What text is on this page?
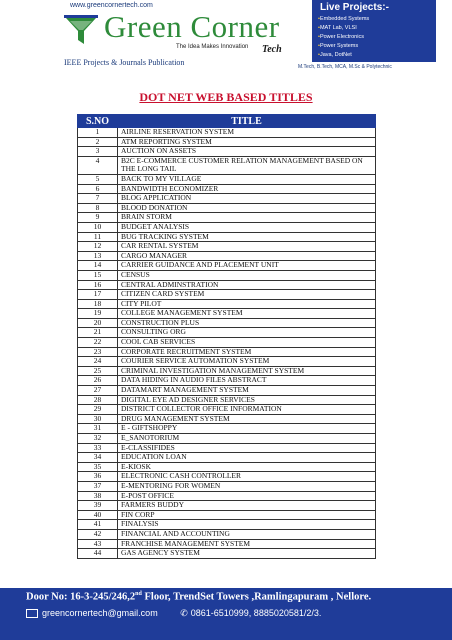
www.greencornertech.com
Green Corner
The Idea Makes Innovation Tech
IEEE Projects & Journals Publication
Live Projects:-
• Embedded Systems
• MAT Lab, VLSI
• Power Electronics
• Power Systems
• Java, DotNet
M.Tech, B.Tech, MCA, M.Sc & Polytechnic
DOT NET WEB BASED TITLES
S.NO	TITLE
1	AIRLINE RESERVATION SYSTEM
2	ATM REPORTING SYSTEM
3	AUCTION ON ASSETS
4	B2C E-COMMERCE CUSTOMER RELATION MANAGEMENT BASED ON THE LONG TAIL
5	BACK TO MY VILLAGE
6	BANDWIDTH ECONOMIZER
7	BLOG APPLICATION
8	BLOOD DONATION
9	BRAIN STORM
10	BUDGET ANALYSIS
11	BUG TRACKING SYSTEM
12	CAR RENTAL SYSTEM
13	CARGO MANAGER
14	CARRIER GUIDANCE AND PLACEMENT UNIT
15	CENSUS
16	CENTRAL ADMINSTRATION
17	CITIZEN CARD SYSTEM
18	CITY PILOT
19	COLLEGE MANAGEMENT SYSTEM
20	CONSTRUCTION PLUS
21	CONSULTING ORG
22	COOL CAB SERVICES
23	CORPORATE RECRUITMENT SYSTEM
24	COURIER SERVICE AUTOMATION SYSTEM
25	CRIMINAL INVESTIGATION MANAGEMENT SYSTEM
26	DATA HIDING IN AUDIO FILES ABSTRACT
27	DATAMART MANAGEMENT SYSTEM
28	DIGITAL EYE AD DESIGNER SERVICES
29	DISTRICT COLLECTOR OFFICE INFORMATION
30	DRUG MANAGEMENT SYSTEM
31	E - GIFTSHOPPY
32	E_SANOTORIUM
33	E-CLASSIFIDES
34	EDUCATION LOAN
35	E-KIOSK
36	ELECTRONIC CASH CONTROLLER
37	E-MENTORING FOR WOMEN
38	E-POST OFFICE
39	FARMERS BUDDY
40	FIN CORP
41	FINALYSIS
42	FINANCIAL AND ACCOUNTING
43	FRANCHISE MANAGEMENT SYSTEM
44	GAS AGENCY SYSTEM
Door No: 16-3-245/246,2nd Floor, TrendSet Towers ,Ramlingapuram , Nellore.
greencornertech@gmail.com	✆ 0861-6510999, 8885020581/2/3.
